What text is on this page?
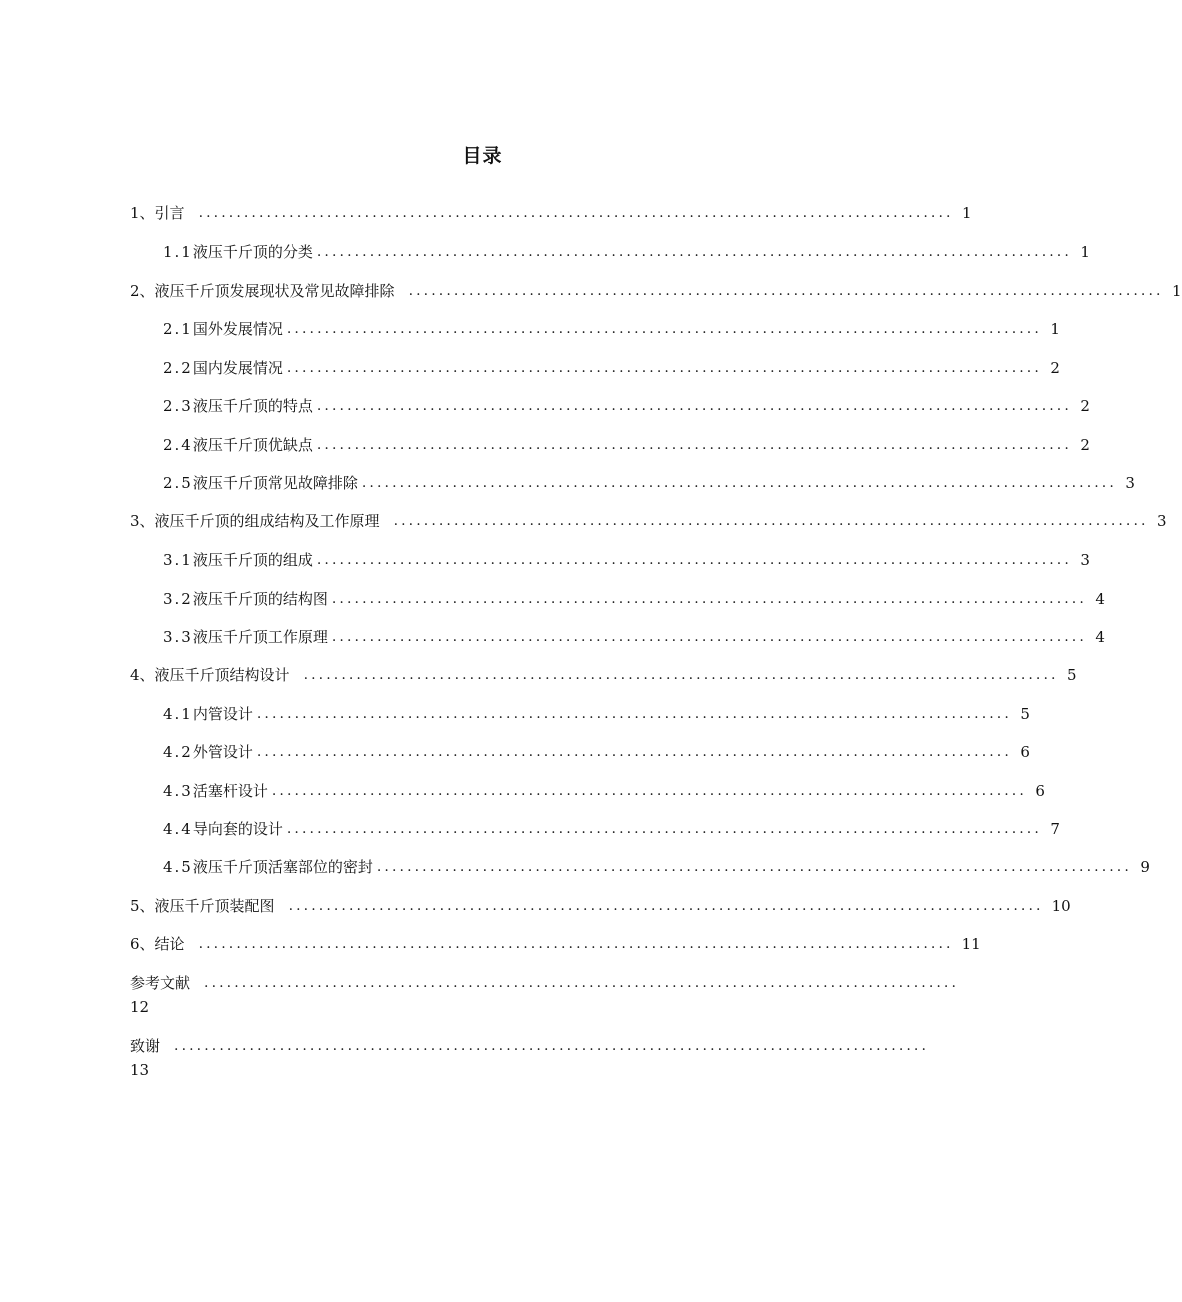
目录
1、 引言 .................................................................................................... 1
1.1 液压千斤顶的分类 .................................................................................................... 1
2、 液压千斤顶发展现状及常见故障排除 .................................................................................................... 1
2.1 国外发展情况 .................................................................................................... 1
2.2 国内发展情况 .................................................................................................... 2
2.3 液压千斤顶的特点 .................................................................................................... 2
2.4 液压千斤顶优缺点 .................................................................................................... 2
2.5 液压千斤顶常见故障排除 .................................................................................................... 3
3、 液压千斤顶的组成结构及工作原理 .................................................................................................... 3
3.1 液压千斤顶的组成 .................................................................................................... 3
3.2 液压千斤顶的结构图 .................................................................................................... 4
3.3 液压千斤顶工作原理 .................................................................................................... 4
4、 液压千斤顶结构设计 .................................................................................................... 5
4.1 内管设计 .................................................................................................... 5
4.2 外管设计 .................................................................................................... 6
4.3 活塞杆设计 .................................................................................................... 6
4.4 导向套的设计 .................................................................................................... 7
4.5 液压千斤顶活塞部位的密封 .................................................................................................... 9
5、 液压千斤顶装配图 .................................................................................................... 10
6、 结论 .................................................................................................... 11
参考文献 ....................................................................................................
12
致谢 ....................................................................................................
13
